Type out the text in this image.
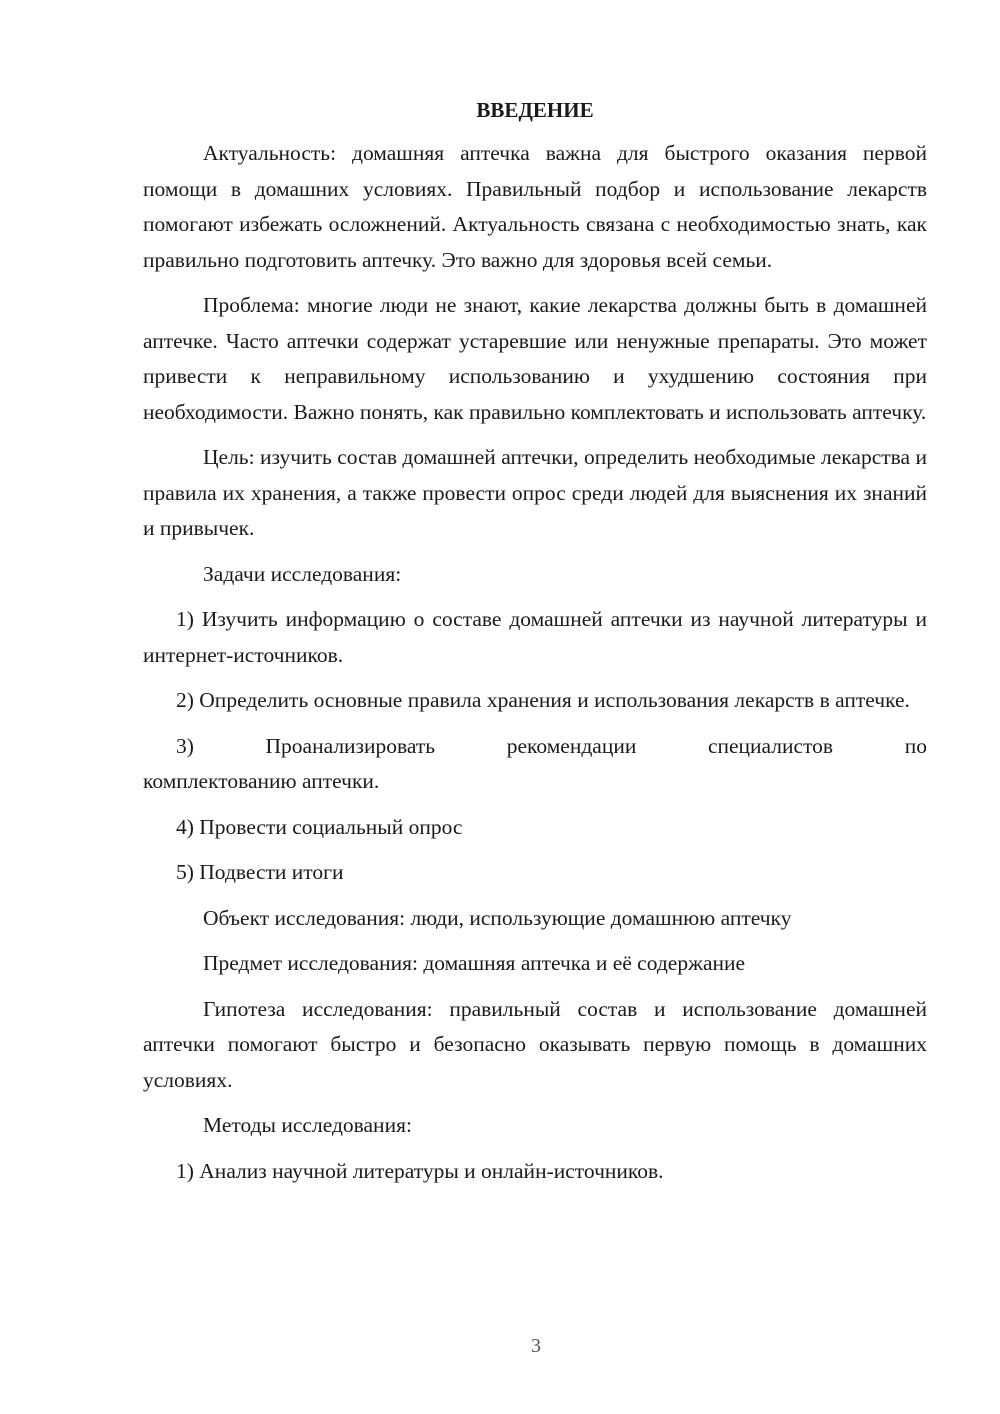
ВВЕДЕНИЕ

Актуальность: домашняя аптечка важна для быстрого оказания первой помощи в домашних условиях. Правильный подбор и использование лекарств помогают избежать осложнений. Актуальность связана с необходимостью знать, как правильно подготовить аптечку. Это важно для здоровья всей семьи.

Проблема: многие люди не знают, какие лекарства должны быть в домашней аптечке. Часто аптечки содержат устаревшие или ненужные препараты. Это может привести к неправильному использованию и ухудшению состояния при необходимости. Важно понять, как правильно комплектовать и использовать аптечку.

Цель: изучить состав домашней аптечки, определить необходимые лекарства и правила их хранения, а также провести опрос среди людей для выяснения их знаний и привычек.

Задачи исследования:

1) Изучить информацию о составе домашней аптечки из научной литературы и интернет-источников.

2) Определить основные правила хранения и использования лекарств в аптечке.

3)	Проанализировать	рекомендации	специалистов	по
комплектованию аптечки.

4) Провести социальный опрос

5) Подвести итоги

Объект исследования: люди, использующие домашнюю аптечку

Предмет исследования: домашняя аптечка и её содержание

Гипотеза исследования: правильный состав и использование домашней аптечки помогают быстро и безопасно оказывать первую помощь в домашних условиях.

Методы исследования:

1) Анализ научной литературы и онлайн-источников.

3
